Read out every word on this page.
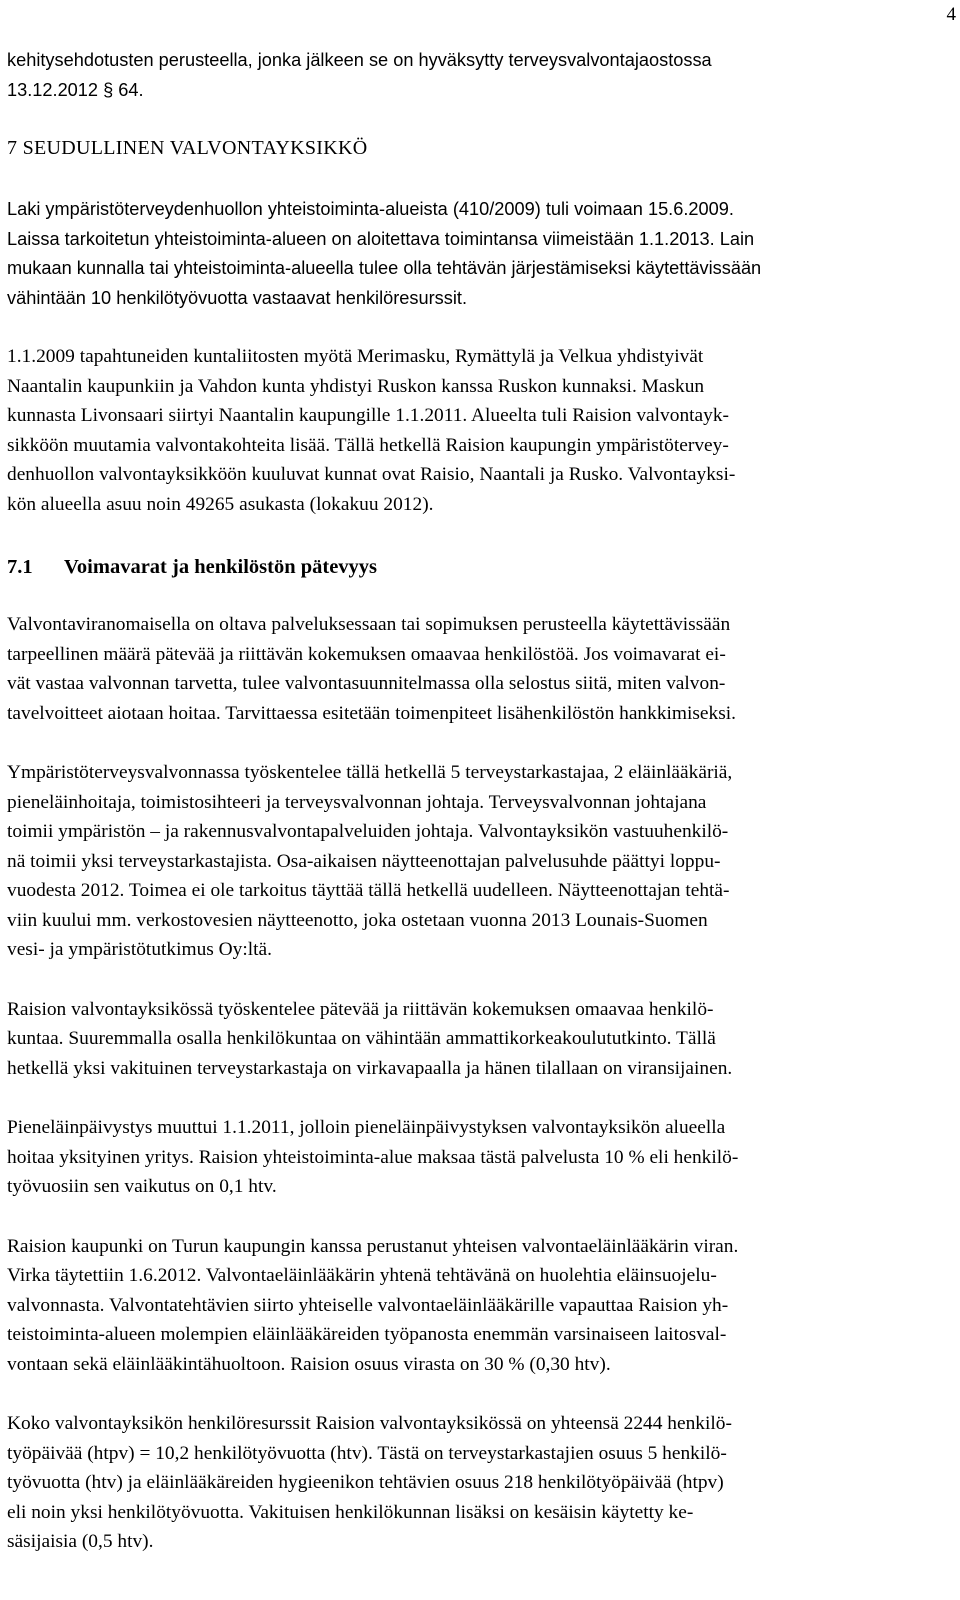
4
kehitysehdotusten perusteella, jonka jälkeen se on hyväksytty terveysvalvontajaostossa
13.12.2012 § 64.
7 SEUDULLINEN VALVONTAYKSIKKÖ
Laki ympäristöterveydenhuollon yhteistoiminta-alueista (410/2009) tuli voimaan 15.6.2009.
Laissa tarkoitetun yhteistoiminta-alueen on aloitettava toimintansa viimeistään 1.1.2013. Lain
mukaan kunnalla tai yhteistoiminta-alueella tulee olla tehtävän järjestämiseksi käytettävissään
vähintään 10 henkilötyövuotta vastaavat henkilöresurssit.
1.1.2009 tapahtuneiden kuntaliitosten myötä Merimasku, Rymättylä ja Velkua yhdistyivät
Naantalin kaupunkiin ja Vahdon kunta yhdistyi Ruskon kanssa Ruskon kunnaksi. Maskun
kunnasta Livonsaari siirtyi Naantalin kaupungille 1.1.2011. Alueelta tuli Raision valvontayk-
sikköön muutamia valvontakohteita lisää. Tällä hetkellä Raision kaupungin ympäristötervey-
denhuollon valvontayksikköön kuuluvat kunnat ovat Raisio, Naantali ja Rusko. Valvontayksi-
kön alueella asuu noin 49265 asukasta (lokakuu 2012).
7.1 Voimavarat ja henkilöstön pätevyys
Valvontaviranomaisella on oltava palveluksessaan tai sopimuksen perusteella käytettävissään
tarpeellinen määrä pätevää ja riittävän kokemuksen omaavaa henkilöstöä. Jos voimavarat ei-
vät vastaa valvonnan tarvetta, tulee valvontasuunnitelmassa olla selostus siitä, miten valvon-
tavelvoitteet aiotaan hoitaa. Tarvittaessa esitetään toimenpiteet lisähenkilöstön hankkimiseksi.
Ympäristöterveysvalvonnassa työskentelee tällä hetkellä 5 terveystarkastajaa, 2 eläinlääkäriä,
pieneläinhoitaja, toimistosihteeri ja terveysvalvonnan johtaja. Terveysvalvonnan johtajana
toimii ympäristön – ja rakennusvalvontapalveluiden johtaja. Valvontayksikön vastuuhenkilö-
nä toimii yksi terveystarkastajista. Osa-aikaisen näytteenottajan palvelusuhde päättyi loppu-
vuodesta 2012. Toimea ei ole tarkoitus täyttää tällä hetkellä uudelleen. Näytteenottajan tehtä-
viin kuului mm. verkostovesien näytteenotto, joka ostetaan vuonna 2013 Lounais-Suomen
vesi- ja ympäristötutkimus Oy:ltä.
Raision valvontayksikössä työskentelee pätevää ja riittävän kokemuksen omaavaa henkilö-
kuntaa. Suuremmalla osalla henkilökuntaa on vähintään ammattikorkeakoulututkinto. Tällä
hetkellä yksi vakituinen terveystarkastaja on virkavapaalla ja hänen tilallaan on viransijainen.
Pieneläinpäivystys muuttui 1.1.2011, jolloin pieneläinpäivystyksen valvontayksikön alueella
hoitaa yksityinen yritys. Raision yhteistoiminta-alue maksaa tästä palvelusta 10 % eli henkilö-
työvuosiin sen vaikutus on 0,1 htv.
Raision kaupunki on Turun kaupungin kanssa perustanut yhteisen valvontaeläinlääkärin viran.
Virka täytettiin 1.6.2012. Valvontaeläinlääkärin yhtenä tehtävänä on huolehtia eläinsuojelu-
valvonnasta. Valvontatehtävien siirto yhteiselle valvontaeläinlääkärille vapauttaa Raision yh-
teistoiminta-alueen molempien eläinlääkäreiden työpanosta enemmän varsinaiseen laitosval-
vontaan sekä eläinlääkintähuoltoon. Raision osuus virasta on 30 % (0,30 htv).
Koko valvontayksikön henkilöresurssit Raision valvontayksikössä on yhteensä 2244 henkilö-
työpäivää (htpv) = 10,2 henkilötyövuotta (htv). Tästä on terveystarkastajien osuus 5 henkilö-
työvuotta (htv) ja eläinlääkäreiden hygieenikon tehtävien osuus 218 henkilötyöpäivää (htpv)
eli noin yksi henkilötyövuotta. Vakituisen henkilökunnan lisäksi on kesäisin käytetty ke-
säsijaisia (0,5 htv).
